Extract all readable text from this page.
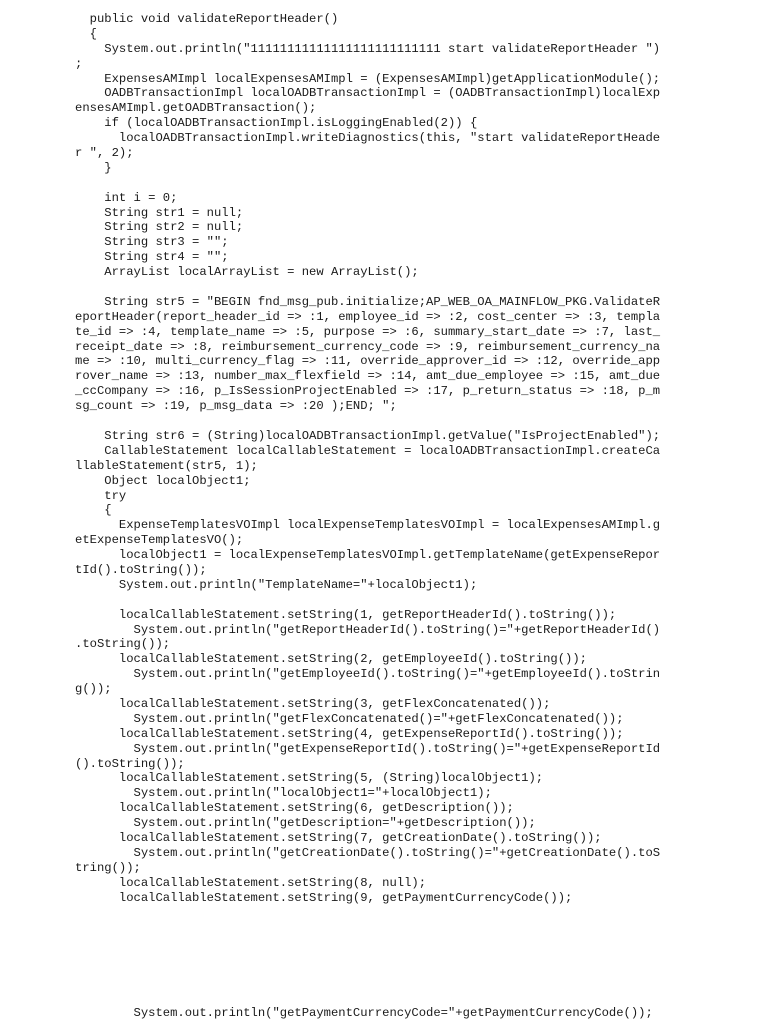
public void validateReportHeader()
{
System.out.println("11111111111111111111111111 start validateReportHeader ")
;
ExpensesAMImpl localExpensesAMImpl = (ExpensesAMImpl)getApplicationModule();
OADBTransactionImpl localOADBTransactionImpl = (OADBTransactionImpl)localExp
ensesAMImpl.getOADBTransaction();
if (localOADBTransactionImpl.isLoggingEnabled(2)) {
localOADBTransactionImpl.writeDiagnostics(this, "start validateReportHeade
r ", 2);
}

int i = 0;
String str1 = null;
String str2 = null;
String str3 = "";
String str4 = "";
ArrayList localArrayList = new ArrayList();

String str5 = "BEGIN fnd_msg_pub.initialize;AP_WEB_OA_MAINFLOW_PKG.ValidateR
eportHeader(report_header_id => :1, employee_id => :2, cost_center => :3, templa
te_id => :4, template_name => :5, purpose => :6, summary_start_date => :7, last_
receipt_date => :8, reimbursement_currency_code => :9, reimbursement_currency_na
me => :10, multi_currency_flag => :11, override_approver_id => :12, override_app
rover_name => :13, number_max_flexfield => :14, amt_due_employee => :15, amt_due
_ccCompany => :16, p_IsSessionProjectEnabled => :17, p_return_status => :18, p_m
sg_count => :19, p_msg_data => :20 );END; ";

String str6 = (String)localOADBTransactionImpl.getValue("IsProjectEnabled");
CallableStatement localCallableStatement = localOADBTransactionImpl.createCa
llableStatement(str5, 1);
Object localObject1;
try
{
ExpenseTemplatesVOImpl localExpenseTemplatesVOImpl = localExpensesAMImpl.g
etExpenseTemplatesVO();
localObject1 = localExpenseTemplatesVOImpl.getTemplateName(getExpenseRepor
tId().toString());
System.out.println("TemplateName="+localObject1);

localCallableStatement.setString(1, getReportHeaderId().toString());
System.out.println("getReportHeaderId().toString()="+getReportHeaderId()
.toString());
localCallableStatement.setString(2, getEmployeeId().toString());
System.out.println("getEmployeeId().toString()="+getEmployeeId().toStrin
g());
localCallableStatement.setString(3, getFlexConcatenated());
System.out.println("getFlexConcatenated()="+getFlexConcatenated());
localCallableStatement.setString(4, getExpenseReportId().toString());
System.out.println("getExpenseReportId().toString()="+getExpenseReportId
().toString());
localCallableStatement.setString(5, (String)localObject1);
System.out.println("localObject1="+localObject1);
localCallableStatement.setString(6, getDescription());
System.out.println("getDescription="+getDescription());
localCallableStatement.setString(7, getCreationDate().toString());
System.out.println("getCreationDate().toString()="+getCreationDate().toS
tring());
localCallableStatement.setString(8, null);
localCallableStatement.setString(9, getPaymentCurrencyCode());
System.out.println("getPaymentCurrencyCode="+getPaymentCurrencyCode());
